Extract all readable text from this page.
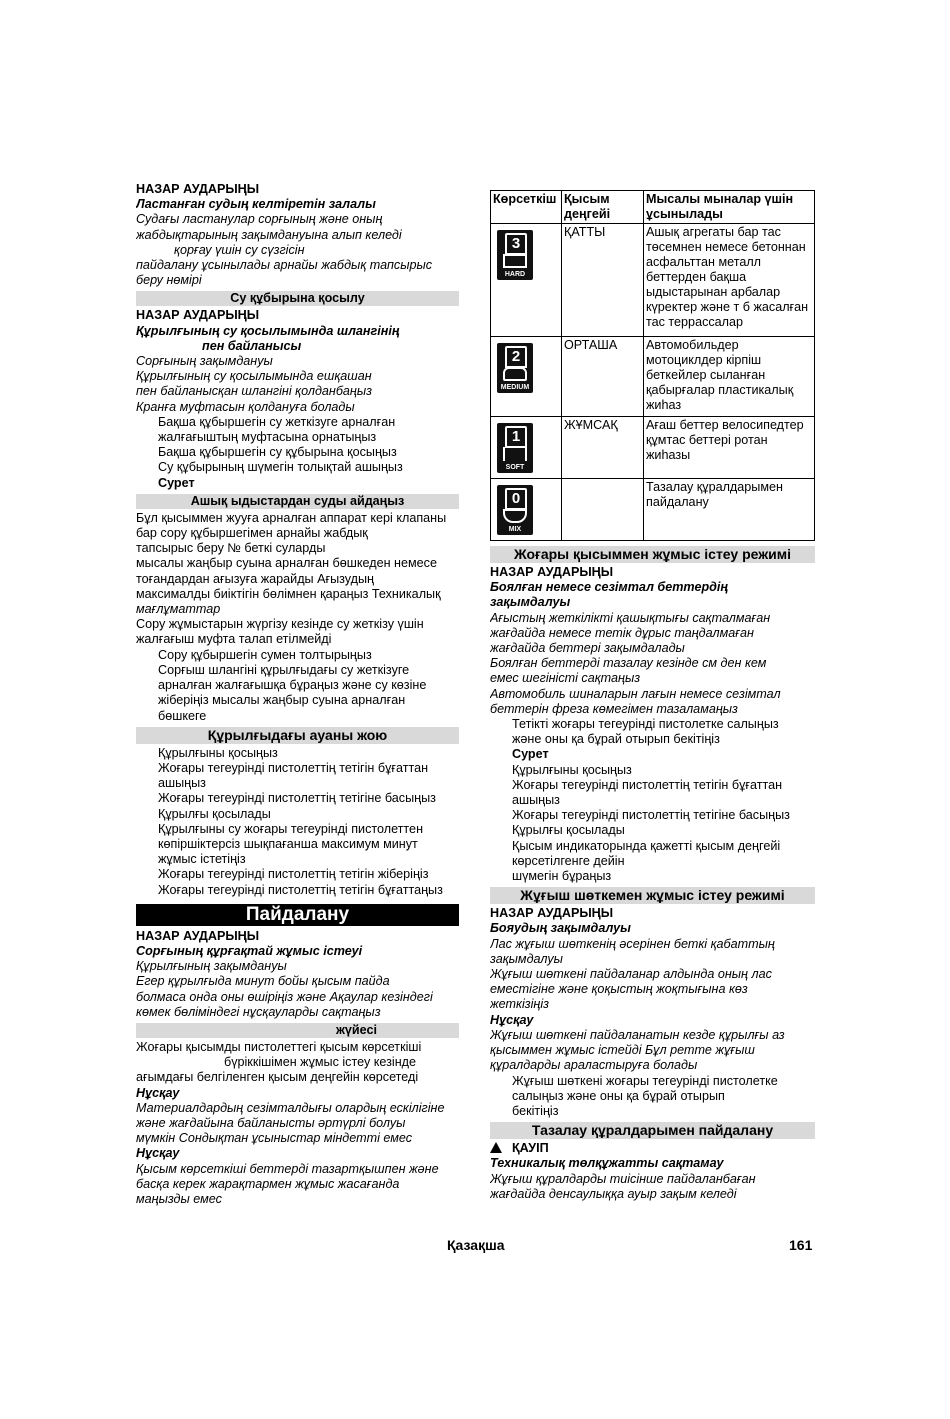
НАЗАР АУДАРЫҢЫ
Ластанған судың келтіретін залалы
Судағы ластанулар сорғының және оның
жабдықтарының зақымдануына алып келеді
қорғау үшін су сүзгісін
пайдалану ұсынылады арнайы жабдық тапсырыс
беру нөмірі
Су құбырына қосылу
НАЗАР АУДАРЫҢЫ
Құрылғының су қосылымында шлангінің
пен байланысы
Сорғының зақымдануы
Құрылғының су қосылымында ешқашан
пен байланысқан шлангіні қолданбаңыз
Кранға муфтасын қолдануға болады
Бақша құбыршегін су жеткізуге арналған
жалғағыштың муфтасына орнатыңыз
Бақша құбыршегін су құбырына қосыңыз
Су құбырының шүмегін толықтай ашыңыз
Сурет
Ашық ыдыстардан суды айдаңыз
Бұл қысыммен жууға арналған аппарат кері клапаны
бар сору құбыршегімен арнайы жабдық
тапсырыс беру № беткі суларды
мысалы жаңбыр суына арналған бөшкеден немесе
тоғандардан ағызуға жарайды Ағызудың
максималды биіктігін бөлімнен қараңыз Техникалық
мағлұматтар
Сору жұмыстарын жүргізу кезінде су жеткізу үшін
жалғағыш муфта талап етілмейді
Сору құбыршегін сумен толтырыңыз
Сорғыш шлангіні құрылғыдағы су жеткізуге
арналған жалғағышқа бұраңыз және су көзіне
жіберіңіз мысалы жаңбыр суына арналған
бөшкеге
Құрылғыдағы ауаны жою
Құрылғыны қосыңыз
Жоғары тегеурінді пистолеттің тетігін бұғаттан
ашыңыз
Жоғары тегеурінді пистолеттің тетігіне басыңыз
Құрылғы қосылады
Құрылғыны су жоғары тегеурінді пистолеттен
көпіршіктерсіз шықпағанша максимум минут
жұмыс істетіңіз
Жоғары тегеурінді пистолеттің тетігін жіберіңіз
Жоғары тегеурінді пистолеттің тетігін бұғаттаңыз
Пайдалану
НАЗАР АУДАРЫҢЫ
Сорғының құрғақтай жұмыс істеуі
Құрылғының зақымдануы
Егер құрылғыда минут бойы қысым пайда
болмаса онда оны өшіріңіз және Ақаулар кезіндегі
көмек бөліміндегі нұсқауларды сақтаңыз
жүйесі
Жоғары қысымды пистолеттегі қысым көрсеткіші
бүріккішімен жұмыс істеу кезінде
ағымдағы белгіленген қысым деңгейін көрсетеді
Нұсқау
Материалдардың сезімталдығы олардың ескілігіне
және жағдайына байланысты әртүрлі болуы
мүмкін Сондықтан ұсыныстар міндетті емес
Нұсқау
Қысым көрсеткіші беттерді тазартқышпен және
басқа керек жарақтармен жұмыс жасағанда
маңызды емес
Көрсеткіш	Қысым деңгейі	Мысалы мыналар үшін ұсынылады

3
HARD	ҚАТТЫ	Ашық агрегаты бар тас төсемнен немесе бетоннан асфальттан металл беттерден бақша ыдыстарынан арбалар күректер және т б жасалған тас террассалар

2
MEDIUM	ОРТАША	Автомобильдер мотоциклдер кірпіш беткейлер сыланған қабырғалар пластикалық жиһаз

1
SOFT	ЖҰМСАҚ	Ағаш беттер велосипедтер құмтас беттері ротан жиһазы

0
MIX		Тазалау құралдарымен пайдалану
Жоғары қысыммен жұмыс істеу режимі
НАЗАР АУДАРЫҢЫ
Боялған немесе сезімтал беттердің
зақымдалуы
Ағыстың жеткілікті қашықтығы сақталмаған
жағдайда немесе тетік дұрыс таңдалмаған
жағдайда беттері зақымдалады
Боялған беттерді тазалау кезінде см ден кем
емес шегіністі сақтаңыз
Автомобиль шиналарын лағын немесе сезімтал
беттерін фреза көмегімен тазаламаңыз
Тетікті жоғары тегеурінді пистолетке салыңыз
және оны қа бұрай отырып бекітіңіз
Сурет
Құрылғыны қосыңыз
Жоғары тегеурінді пистолеттің тетігін бұғаттан
ашыңыз
Жоғары тегеурінді пистолеттің тетігіне басыңыз
Құрылғы қосылады
Қысым индикаторында қажетті қысым деңгейі
көрсетілгенге дейін
шүмегін бұраңыз
Жұғыш шөткемен жұмыс істеу режимі
НАЗАР АУДАРЫҢЫ
Бояудың зақымдалуы
Лас жұғыш шөткенің әсерінен беткі қабаттың
зақымдалуы
Жұғыш шөткені пайдаланар алдында оның лас
еместігіне және қоқыстың жоқтығына көз
жеткізіңіз
Нұсқау
Жұғыш шөткені пайдаланатын кезде құрылғы аз
қысыммен жұмыс істейді Бұл ретте жұғыш
құралдарды араластыруға болады
Жұғыш шөткені жоғары тегеурінді пистолетке
салыңыз және оны қа бұрай отырып
бекітіңіз
Тазалау құралдарымен пайдалану
ҚАУІП
Техникалық төлқұжатты сақтамау
Жұғыш құралдарды тиісінше пайдаланбаған
жағдайда денсаулыққа ауыр зақым келеді
Қазақша	161
